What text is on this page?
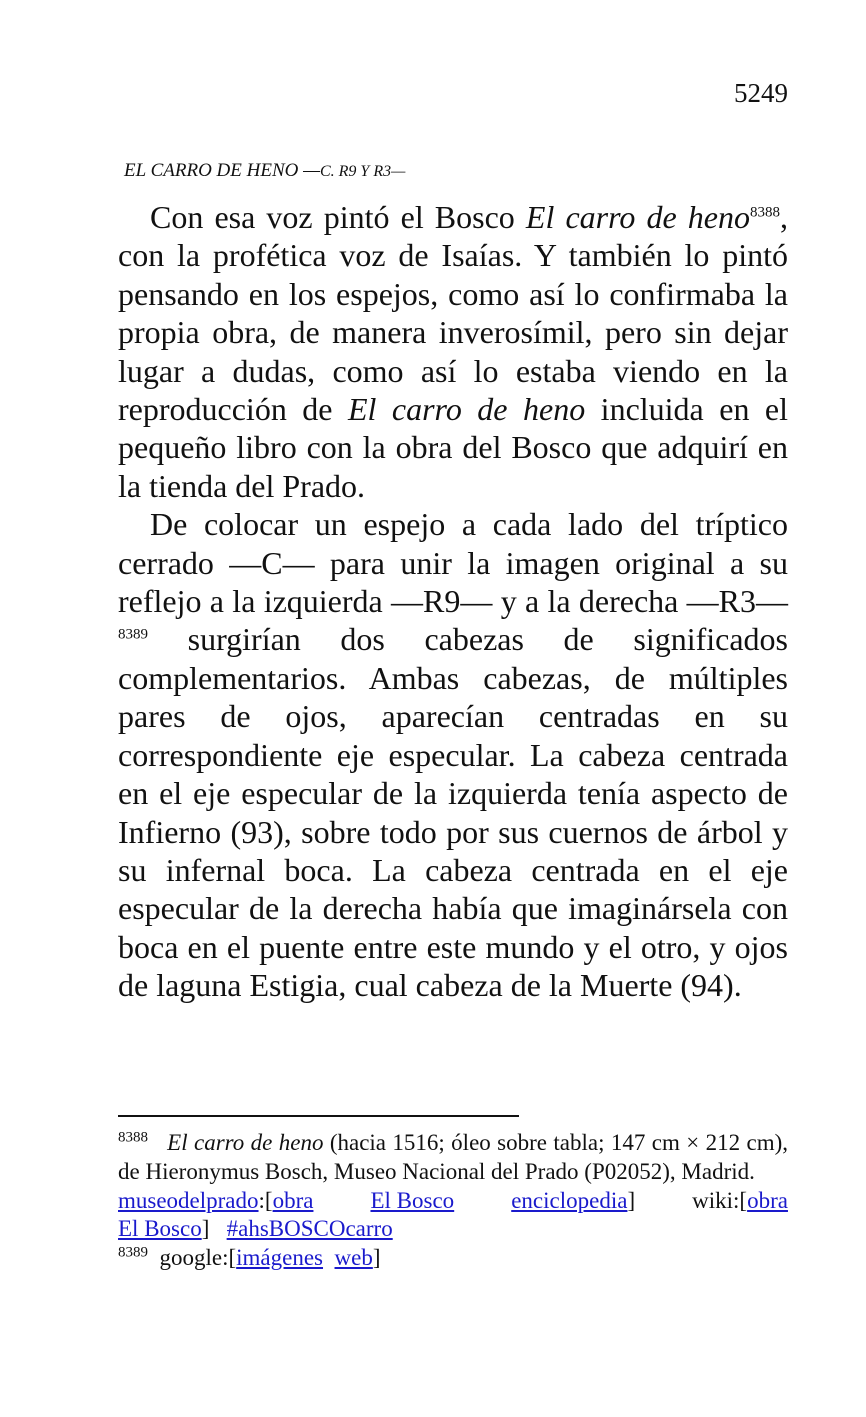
5249
EL CARRO DE HENO —C. R9 Y R3—

Con esa voz pintó el Bosco El carro de heno$^{8388}$, con la profética voz de Isaías. Y también lo pintó pensando en los espejos, como así lo confirmaba la propia obra, de manera inverosímil, pero sin dejar lugar a dudas, como así lo estaba viendo en la reproducción de El carro de heno incluida en el pequeño libro con la obra del Bosco que adquirí en la tienda del Prado.

De colocar un espejo a cada lado del tríptico cerrado —C— para unir la imagen original a su reflejo a la izquierda —R9— y a la derecha —R3—$^{8389}$ surgirían dos cabezas de significados complementarios. Ambas cabezas, de múltiples pares de ojos, aparecían centradas en su correspondiente eje especular. La cabeza centrada en el eje especular de la izquierda tenía aspecto de Infierno (93), sobre todo por sus cuernos de árbol y su infernal boca. La cabeza centrada en el eje especular de la derecha había que imaginársela con boca en el puente entre este mundo y el otro, y ojos de laguna Estigia, cual cabeza de la Muerte (94).

$^{8388}$ El carro de heno (hacia 1516; óleo sobre tabla; 147 cm × 212 cm), de Hieronymus Bosch, Museo Nacional del Prado (P02052), Madrid.

museodelprado:[obra El Bosco enciclopedia] wiki:[obra
El Bosco] #ahsBOSCOcarro
$^{8389}$ google:[imágenes web]
